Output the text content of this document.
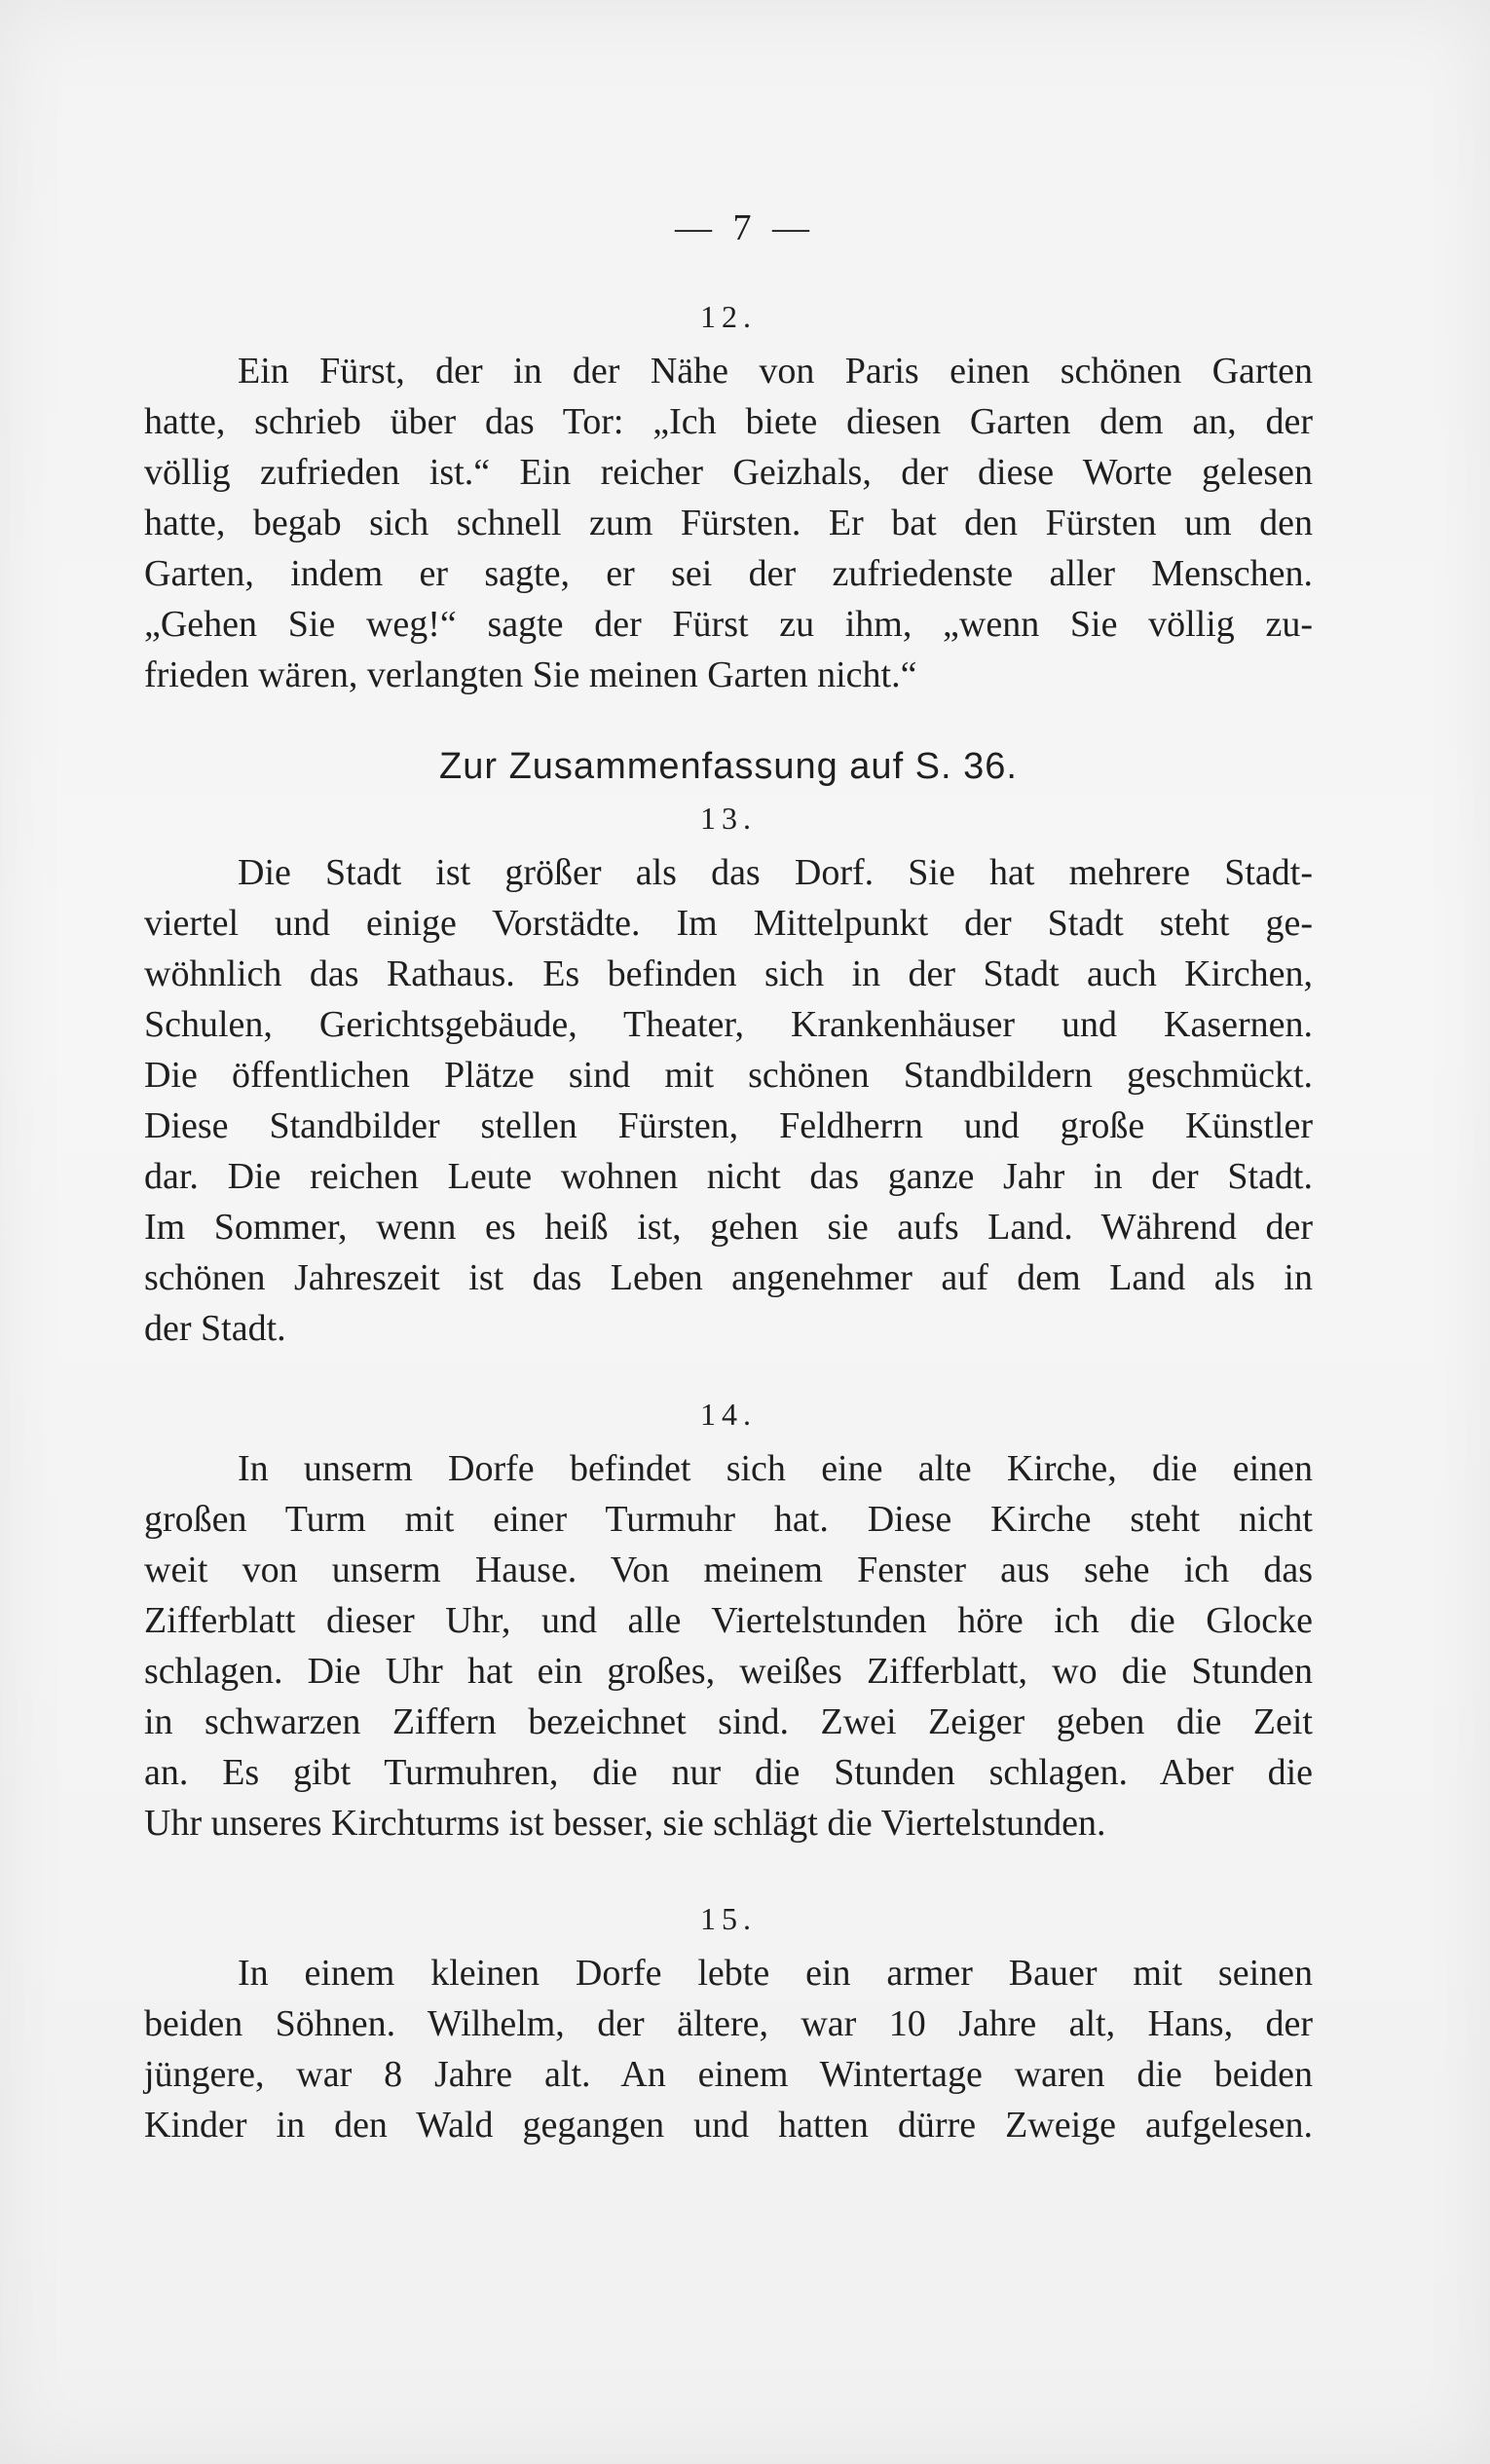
— 7 —
12.
Ein Fürst, der in der Nähe von Paris einen schönen Garten
hatte, schrieb über das Tor: „Ich biete diesen Garten dem an, der
völlig zufrieden ist.“ Ein reicher Geizhals, der diese Worte gelesen
hatte, begab sich schnell zum Fürsten. Er bat den Fürsten um den
Garten, indem er sagte, er sei der zufriedenste aller Menschen.
„Gehen Sie weg!“ sagte der Fürst zu ihm, „wenn Sie völlig zu-
frieden wären, verlangten Sie meinen Garten nicht.“
Zur Zusammenfassung auf S. 36.
13.
Die Stadt ist größer als das Dorf. Sie hat mehrere Stadt-
viertel und einige Vorstädte. Im Mittelpunkt der Stadt steht ge-
wöhnlich das Rathaus. Es befinden sich in der Stadt auch Kirchen,
Schulen, Gerichtsgebäude, Theater, Krankenhäuser und Kasernen.
Die öffentlichen Plätze sind mit schönen Standbildern geschmückt.
Diese Standbilder stellen Fürsten, Feldherrn und große Künstler
dar. Die reichen Leute wohnen nicht das ganze Jahr in der Stadt.
Im Sommer, wenn es heiß ist, gehen sie aufs Land. Während der
schönen Jahreszeit ist das Leben angenehmer auf dem Land als in
der Stadt.
14.
In unserm Dorfe befindet sich eine alte Kirche, die einen
großen Turm mit einer Turmuhr hat. Diese Kirche steht nicht
weit von unserm Hause. Von meinem Fenster aus sehe ich das
Zifferblatt dieser Uhr, und alle Viertelstunden höre ich die Glocke
schlagen. Die Uhr hat ein großes, weißes Zifferblatt, wo die Stunden
in schwarzen Ziffern bezeichnet sind. Zwei Zeiger geben die Zeit
an. Es gibt Turmuhren, die nur die Stunden schlagen. Aber die
Uhr unseres Kirchturms ist besser, sie schlägt die Viertelstunden.
15.
In einem kleinen Dorfe lebte ein armer Bauer mit seinen
beiden Söhnen. Wilhelm, der ältere, war 10 Jahre alt, Hans, der
jüngere, war 8 Jahre alt. An einem Wintertage waren die beiden
Kinder in den Wald gegangen und hatten dürre Zweige aufgelesen.
